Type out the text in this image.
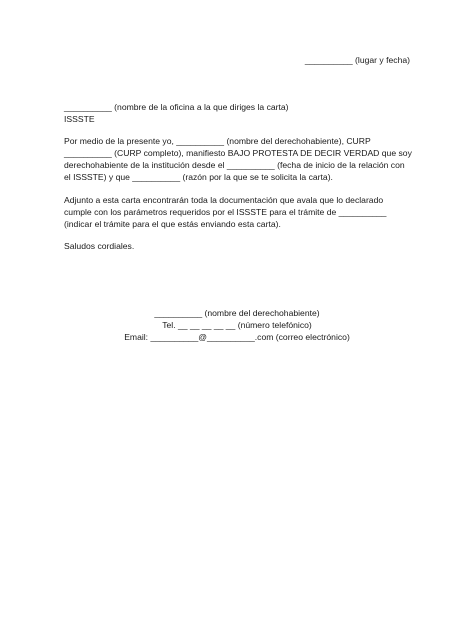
__________ (lugar y fecha)
__________ (nombre de la oficina a la que diriges la carta)
ISSSTE
Por medio de la presente yo, __________ (nombre del derechohabiente), CURP
__________ (CURP completo), manifiesto BAJO PROTESTA DE DECIR VERDAD que soy
derechohabiente de la institución desde el __________ (fecha de inicio de la relación con
el ISSSTE) y que __________ (razón por la que se te solicita la carta).
Adjunto a esta carta encontrarán toda la documentación que avala que lo declarado
cumple con los parámetros requeridos por el ISSSTE para el trámite de __________
(indicar el trámite para el que estás enviando esta carta).
Saludos cordiales.
__________ (nombre del derechohabiente)
Tel. __ __ __ __ __ (número telefónico)
Email: __________@__________.com (correo electrónico)
